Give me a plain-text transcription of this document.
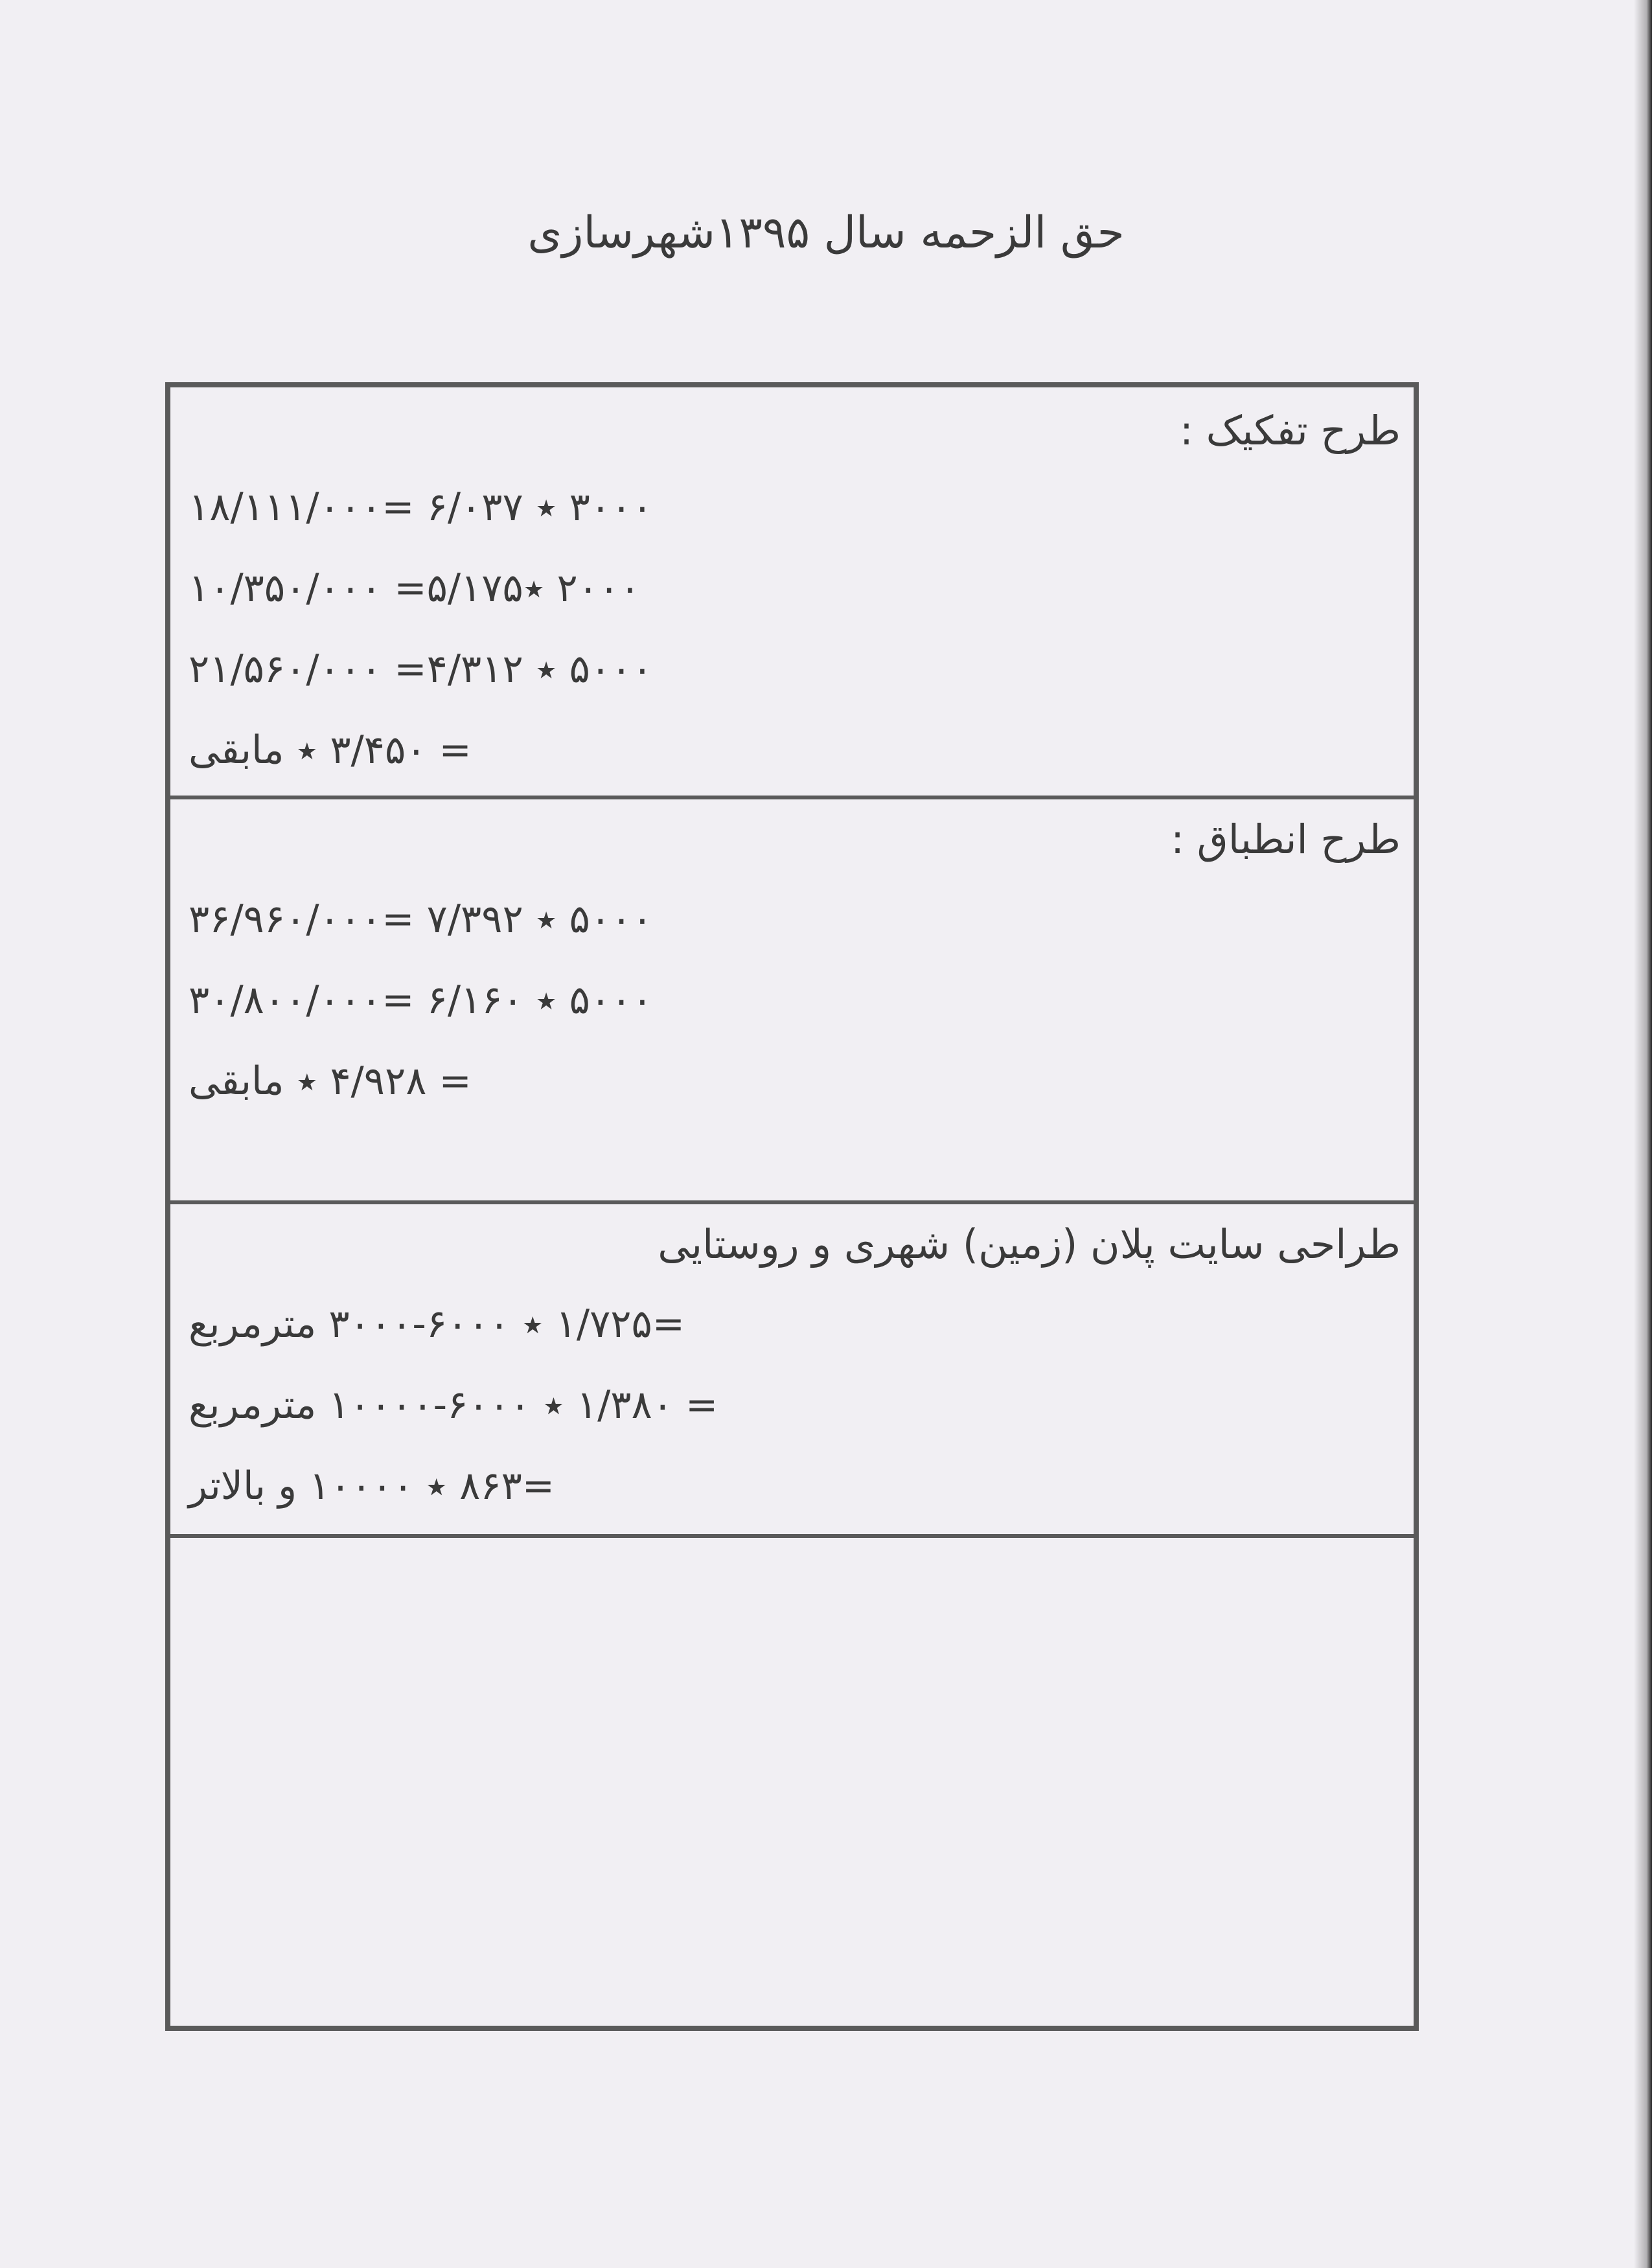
حق الزحمه سال ۱۳۹۵شهرسازی
طرح تفکیک :
۳۰۰۰ ٭ ۶/۰۳۷ =۱۸/۱۱۱/۰۰۰
۲۰۰۰ ٭۵/۱۷۵= ۱۰/۳۵۰/۰۰۰
۵۰۰۰ ٭ ۴/۳۱۲= ۲۱/۵۶۰/۰۰۰
= ۳/۴۵۰ ٭ مابقی
طرح انطباق :
۵۰۰۰ ٭ ۷/۳۹۲ =۳۶/۹۶۰/۰۰۰
۵۰۰۰ ٭ ۶/۱۶۰ =۳۰/۸۰۰/۰۰۰
= ۴/۹۲۸ ٭ مابقی
طراحی سایت پلان (زمین) شهری و روستایی
=۱/۷۲۵ ٭ ۶۰۰۰-۳۰۰۰ مترمربع
= ۱/۳۸۰ ٭ ۶۰۰۰-۱۰۰۰۰ مترمربع
=۸۶۳ ٭ ۱۰۰۰۰ و بالاتر
